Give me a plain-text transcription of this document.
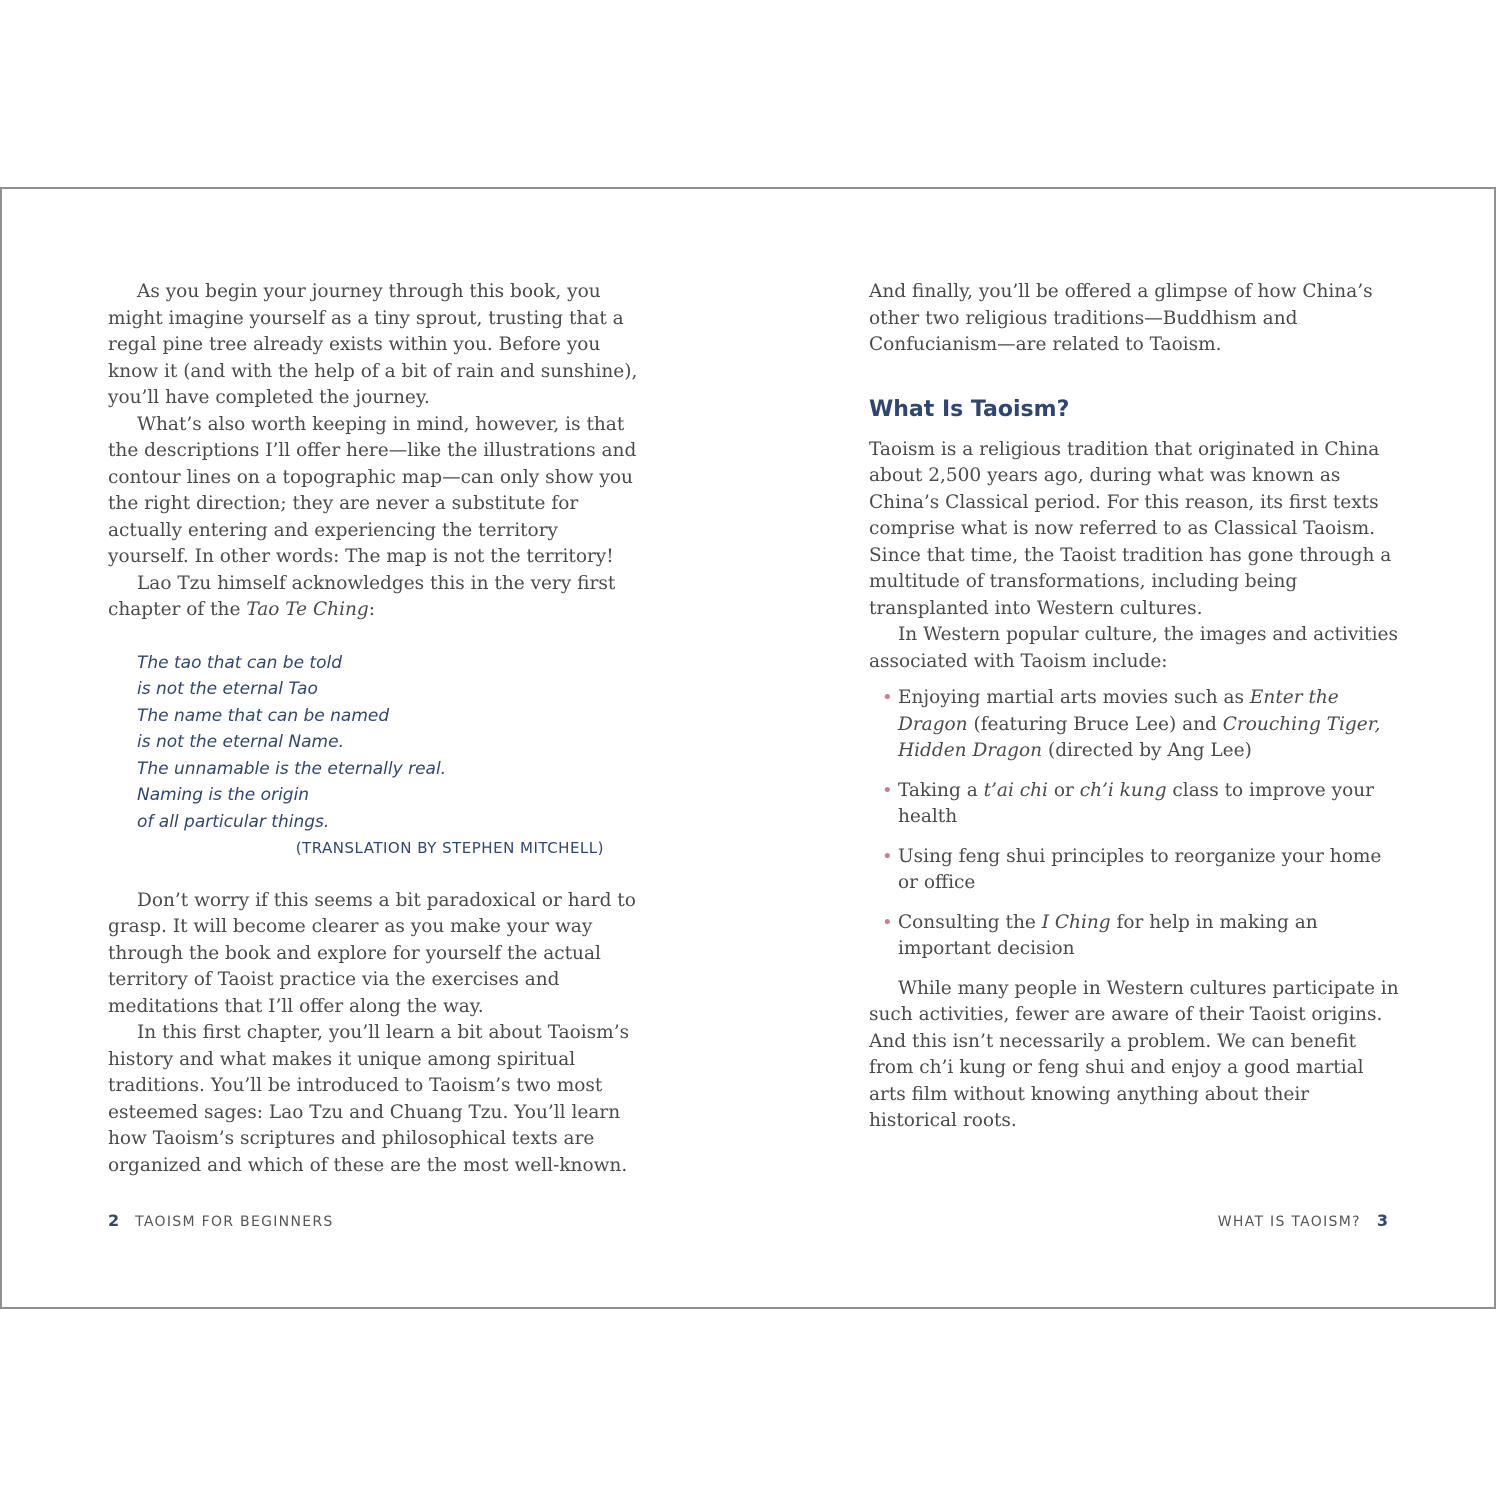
As you begin your journey through this book, you might imagine yourself as a tiny sprout, trusting that a regal pine tree already exists within you. Before you know it (and with the help of a bit of rain and sunshine), you’ll have completed the journey.

What’s also worth keeping in mind, however, is that the descriptions I’ll offer here—like the illustrations and contour lines on a topographic map—can only show you the right direction; they are never a substitute for actually entering and experiencing the territory yourself. In other words: The map is not the territory!

Lao Tzu himself acknowledges this in the very first chapter of the Tao Te Ching:

The tao that can be told
is not the eternal Tao
The name that can be named
is not the eternal Name.
The unnamable is the eternally real.
Naming is the origin
of all particular things.
(TRANSLATION BY STEPHEN MITCHELL)

Don’t worry if this seems a bit paradoxical or hard to grasp. It will become clearer as you make your way through the book and explore for yourself the actual territory of Taoist practice via the exercises and meditations that I’ll offer along the way.

In this first chapter, you’ll learn a bit about Taoism’s history and what makes it unique among spiritual traditions. You’ll be introduced to Taoism’s two most esteemed sages: Lao Tzu and Chuang Tzu. You’ll learn how Taoism’s scriptures and philosophical texts are organized and which of these are the most well-known.

And finally, you’ll be offered a glimpse of how China’s other two religious traditions—Buddhism and Confucianism—are related to Taoism.

What Is Taoism?

Taoism is a religious tradition that originated in China about 2,500 years ago, during what was known as China’s Classical period. For this reason, its first texts comprise what is now referred to as Classical Taoism. Since that time, the Taoist tradition has gone through a multitude of transformations, including being transplanted into Western cultures.

In Western popular culture, the images and activities associated with Taoism include:

• Enjoying martial arts movies such as Enter the Dragon (featuring Bruce Lee) and Crouching Tiger, Hidden Dragon (directed by Ang Lee)
• Taking a t’ai chi or ch’i kung class to improve your health
• Using feng shui principles to reorganize your home or office
• Consulting the I Ching for help in making an important decision

While many people in Western cultures participate in such activities, fewer are aware of their Taoist origins. And this isn’t necessarily a problem. We can benefit from ch’i kung or feng shui and enjoy a good martial arts film without knowing anything about their historical roots.

2 TAOISM FOR BEGINNERS	WHAT IS TAOISM? 3
